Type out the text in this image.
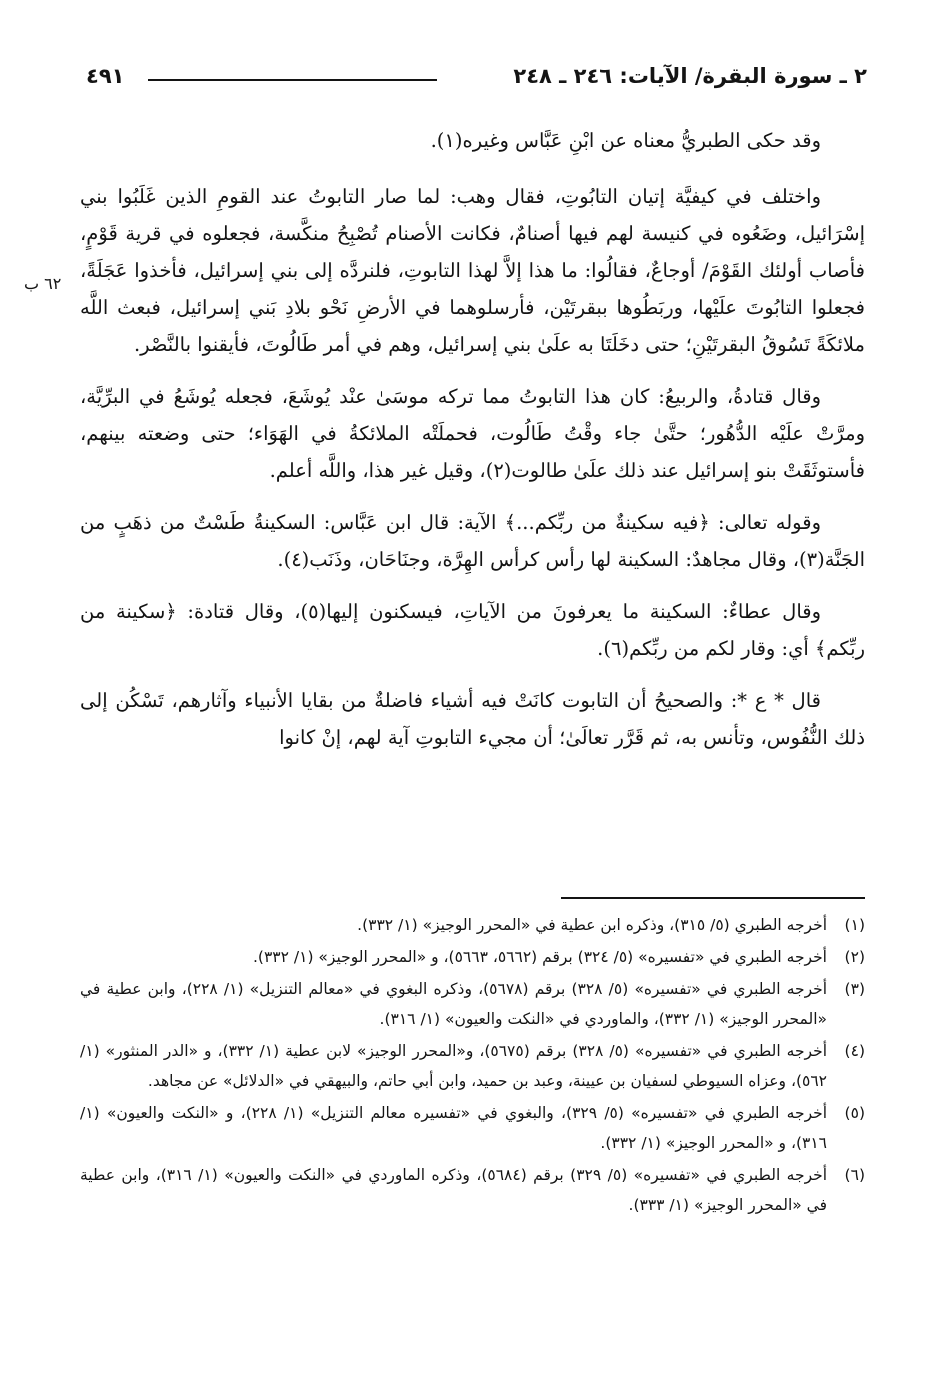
٢ ـ سورة البقرة/ الآيات: ٢٤٦ ـ ٢٤٨
٤٩١
٦٢ ب

وقد حكى الطبريُّ معناه عن ابْنِ عَبَّاس وغيره(١).

واختلف في كيفيَّة إتيان التابُوتِ، فقال وهب: لما صار التابوتُ عند القومِ الذين غَلَبُوا بني إسْرَائيل، وضَعُوه في كنيسة لهم فيها أصنامٌ، فكانت الأصنام تُصْبِحُ منكَّسة، فجعلوه في قرية قَوْمٍ، فأصاب أولئك القَوْمَ/ أوجاعٌ، فقالُوا: ما هذا إلاَّ لهذا التابوتِ، فلنردَّه إلى بني إسرائيل، فأخذوا عَجَلَةً، فجعلوا التابُوتَ علَيْها، وربَطُوها ببقرتَيْن، فأرسلوهما في الأرضِ نَحْو بلادِ بَني إسرائيل، فبعث اللَّه ملائكَةً تَسُوقُ البقرتَيْنِ؛ حتى دخَلَتَا به علَىٰ بني إسرائيل، وهم في أمر طَالُوتَ، فأيقنوا بالنَّصْر.

وقال قتادةُ، والربيعُ: كان هذا التابوتُ مما تركه موسَىٰ عنْد يُوشَعَ، فجعله يُوشَعُ في البرِّيَّة، ومرَّتْ علَيْه الدُّهُور؛ حتَّىٰ جاء وقْتُ طَالُوت، فحملَتْه الملائكةُ في الهَوَاء؛ حتى وضعته بينهم، فأستوثَقَتْ بنو إسرائيل عند ذلك علَىٰ طالوت(٢)، وقيل غير هذا، واللَّه أعلم.

وقوله تعالى: ﴿فيه سكينةٌ من ربِّكم...﴾ الآية: قال ابن عَبَّاس: السكينةُ طَسْتٌ من ذهَبٍ من الجَنَّة(٣)، وقال مجاهدٌ: السكينة لها رأس كرأس الهِرَّة، وجنَاحَان، وذَنَب(٤).

وقال عطاءٌ: السكينة ما يعرفونَ من الآياتِ، فيسكنون إليها(٥)، وقال قتادة: ﴿سكينة من ربِّكم﴾ أي: وقار لكم من ربِّكم(٦).

قال * ع *: والصحيحُ أن التابوت كانَتْ فيه أشياء فاضلةٌ من بقايا الأنبياء وآثارهم، تَسْكُن إلى ذلك النُّفُوس، وتأنس به، ثم قَرَّر تعالَىٰ؛ أن مجيء التابوتِ آية لهم، إنْ كانوا

(١)
أخرجه الطبري (٥/ ٣١٥)، وذكره ابن عطية في «المحرر الوجيز» (١/ ٣٣٢).
(٢)
أخرجه الطبري في «تفسيره» (٥/ ٣٢٤) برقم (٥٦٦٢، ٥٦٦٣)، و «المحرر الوجيز» (١/ ٣٣٢).
(٣)
أخرجه الطبري في «تفسيره» (٥/ ٣٢٨) برقم (٥٦٧٨)، وذكره البغوي في «معالم التنزيل» (١/ ٢٢٨)، وابن عطية في «المحرر الوجيز» (١/ ٣٣٢)، والماوردي في «النكت والعيون» (١/ ٣١٦).
(٤)
أخرجه الطبري في «تفسيره» (٥/ ٣٢٨) برقم (٥٦٧٥)، و«المحرر الوجيز» لابن عطية (١/ ٣٣٢)، و «الدر المنثور» (١/ ٥٦٢)، وعزاه السيوطي لسفيان بن عيينة، وعبد بن حميد، وابن أبي حاتم، والبيهقي في «الدلائل» عن مجاهد.
(٥)
أخرجه الطبري في «تفسيره» (٥/ ٣٢٩)، والبغوي في «تفسيره معالم التنزيل» (١/ ٢٢٨)، و «النكت والعيون» (١/ ٣١٦)، و «المحرر الوجيز» (١/ ٣٣٢).
(٦)
أخرجه الطبري في «تفسيره» (٥/ ٣٢٩) برقم (٥٦٨٤)، وذكره الماوردي في «النكت والعيون» (١/ ٣١٦)، وابن عطية في «المحرر الوجيز» (١/ ٣٣٣).
